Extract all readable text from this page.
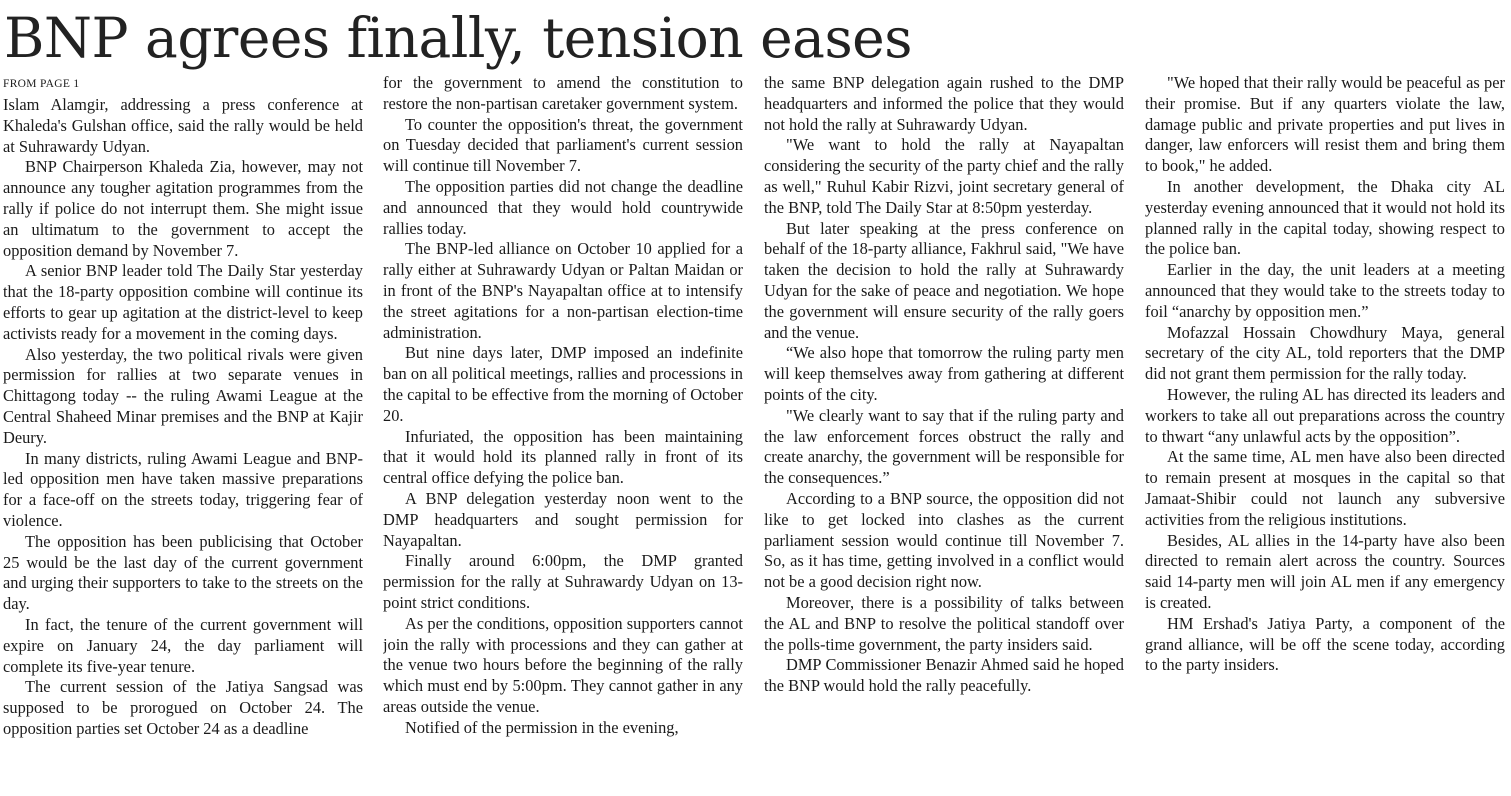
BNP agrees finally, tension eases

FROM PAGE 1

Islam Alamgir, addressing a press conference at Khaleda's Gulshan office, said the rally would be held at Suhrawardy Udyan.

BNP Chairperson Khaleda Zia, however, may not announce any tougher agitation programmes from the rally if police do not interrupt them. She might issue an ultimatum to the government to accept the opposition demand by November 7.

A senior BNP leader told The Daily Star yesterday that the 18-party opposition combine will continue its efforts to gear up agitation at the district-level to keep activists ready for a movement in the coming days.

Also yesterday, the two political rivals were given permission for rallies at two separate venues in Chittagong today -- the ruling Awami League at the Central Shaheed Minar premises and the BNP at Kajir Deury.

In many districts, ruling Awami League and BNP-led opposition men have taken massive preparations for a face-off on the streets today, triggering fear of violence.

The opposition has been publicising that October 25 would be the last day of the current government and urging their supporters to take to the streets on the day.

In fact, the tenure of the current government will expire on January 24, the day parliament will complete its five-year tenure.

The current session of the Jatiya Sangsad was supposed to be prorogued on October 24. The opposition parties set October 24 as a deadline

for the government to amend the constitution to restore the non-partisan caretaker government system.

To counter the opposition's threat, the government on Tuesday decided that parliament's current session will continue till November 7.

The opposition parties did not change the deadline and announced that they would hold countrywide rallies today.

The BNP-led alliance on October 10 applied for a rally either at Suhrawardy Udyan or Paltan Maidan or in front of the BNP's Nayapaltan office at to intensify the street agitations for a non-partisan election-time administration.

But nine days later, DMP imposed an indefinite ban on all political meetings, rallies and processions in the capital to be effective from the morning of October 20.

Infuriated, the opposition has been maintaining that it would hold its planned rally in front of its central office defying the police ban.

A BNP delegation yesterday noon went to the DMP headquarters and sought permission for Nayapaltan.

Finally around 6:00pm, the DMP granted permission for the rally at Suhrawardy Udyan on 13-point strict conditions.

As per the conditions, opposition supporters cannot join the rally with processions and they can gather at the venue two hours before the beginning of the rally which must end by 5:00pm. They cannot gather in any areas outside the venue.

Notified of the permission in the evening,

the same BNP delegation again rushed to the DMP headquarters and informed the police that they would not hold the rally at Suhrawardy Udyan.

"We want to hold the rally at Nayapaltan considering the security of the party chief and the rally as well," Ruhul Kabir Rizvi, joint secretary general of the BNP, told The Daily Star at 8:50pm yesterday.

But later speaking at the press conference on behalf of the 18-party alliance, Fakhrul said, "We have taken the decision to hold the rally at Suhrawardy Udyan for the sake of peace and negotiation. We hope the government will ensure security of the rally goers and the venue.

“We also hope that tomorrow the ruling party men will keep themselves away from gathering at different points of the city.

"We clearly want to say that if the ruling party and the law enforcement forces obstruct the rally and create anarchy, the government will be responsible for the consequences.”

According to a BNP source, the opposition did not like to get locked into clashes as the current parliament session would continue till November 7. So, as it has time, getting involved in a conflict would not be a good decision right now.

Moreover, there is a possibility of talks between the AL and BNP to resolve the political standoff over the polls-time government, the party insiders said.

DMP Commissioner Benazir Ahmed said he hoped the BNP would hold the rally peacefully.

"We hoped that their rally would be peaceful as per their promise. But if any quarters violate the law, damage public and private properties and put lives in danger, law enforcers will resist them and bring them to book," he added.

In another development, the Dhaka city AL yesterday evening announced that it would not hold its planned rally in the capital today, showing respect to the police ban.

Earlier in the day, the unit leaders at a meeting announced that they would take to the streets today to foil “anarchy by opposition men.”

Mofazzal Hossain Chowdhury Maya, general secretary of the city AL, told reporters that the DMP did not grant them permission for the rally today.

However, the ruling AL has directed its leaders and workers to take all out preparations across the country to thwart “any unlawful acts by the opposition”.

At the same time, AL men have also been directed to remain present at mosques in the capital so that Jamaat-Shibir could not launch any subversive activities from the religious institutions.

Besides, AL allies in the 14-party have also been directed to remain alert across the country. Sources said 14-party men will join AL men if any emergency is created.

HM Ershad's Jatiya Party, a component of the grand alliance, will be off the scene today, according to the party insiders.
